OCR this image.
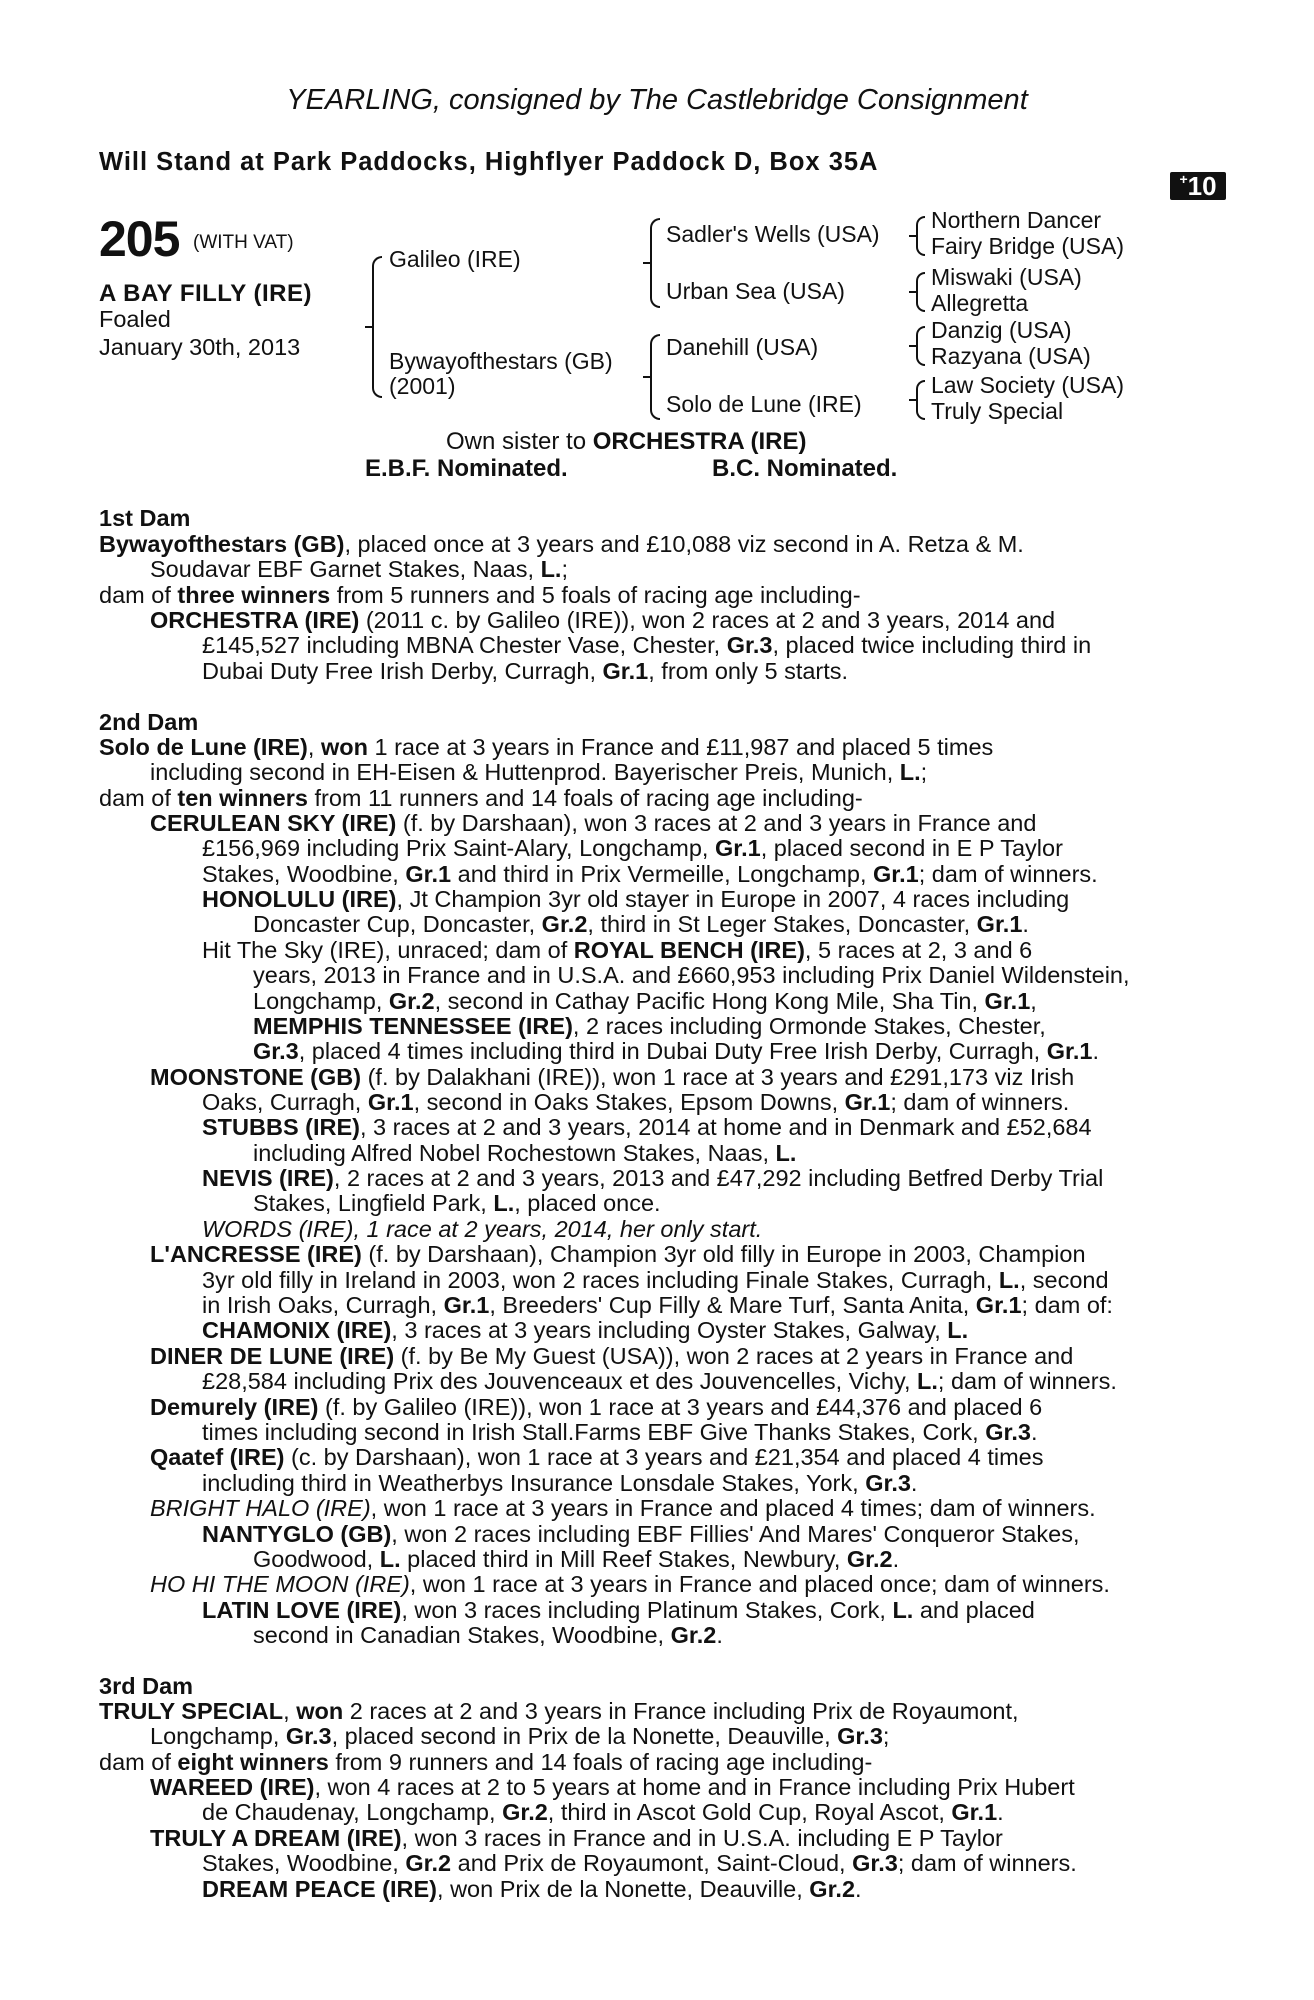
YEARLING, consigned by The Castlebridge Consignment
Will Stand at Park Paddocks, Highflyer Paddock D, Box 35A
+10
205 (WITH VAT)
A BAY FILLY (IRE)
Foaled
January 30th, 2013
Galileo (IRE)
Bywayofthestars (GB)
(2001)
Sadler's Wells (USA)
Urban Sea (USA)
Danehill (USA)
Solo de Lune (IRE)
Northern Dancer
Fairy Bridge (USA)
Miswaki (USA)
Allegretta
Danzig (USA)
Razyana (USA)
Law Society (USA)
Truly Special
Own sister to ORCHESTRA (IRE)
E.B.F. Nominated.	B.C. Nominated.
1st Dam
Bywayofthestars (GB), placed once at 3 years and £10,088 viz second in A. Retza & M.
Soudavar EBF Garnet Stakes, Naas, L.;
dam of three winners from 5 runners and 5 foals of racing age including-
ORCHESTRA (IRE) (2011 c. by Galileo (IRE)), won 2 races at 2 and 3 years, 2014 and
£145,527 including MBNA Chester Vase, Chester, Gr.3, placed twice including third in
Dubai Duty Free Irish Derby, Curragh, Gr.1, from only 5 starts.
2nd Dam
Solo de Lune (IRE), won 1 race at 3 years in France and £11,987 and placed 5 times
including second in EH-Eisen & Huttenprod. Bayerischer Preis, Munich, L.;
dam of ten winners from 11 runners and 14 foals of racing age including-
CERULEAN SKY (IRE) (f. by Darshaan), won 3 races at 2 and 3 years in France and
£156,969 including Prix Saint-Alary, Longchamp, Gr.1, placed second in E P Taylor
Stakes, Woodbine, Gr.1 and third in Prix Vermeille, Longchamp, Gr.1; dam of winners.
HONOLULU (IRE), Jt Champion 3yr old stayer in Europe in 2007, 4 races including
Doncaster Cup, Doncaster, Gr.2, third in St Leger Stakes, Doncaster, Gr.1.
Hit The Sky (IRE), unraced; dam of ROYAL BENCH (IRE), 5 races at 2, 3 and 6
years, 2013 in France and in U.S.A. and £660,953 including Prix Daniel Wildenstein,
Longchamp, Gr.2, second in Cathay Pacific Hong Kong Mile, Sha Tin, Gr.1,
MEMPHIS TENNESSEE (IRE), 2 races including Ormonde Stakes, Chester,
Gr.3, placed 4 times including third in Dubai Duty Free Irish Derby, Curragh, Gr.1.
MOONSTONE (GB) (f. by Dalakhani (IRE)), won 1 race at 3 years and £291,173 viz Irish
Oaks, Curragh, Gr.1, second in Oaks Stakes, Epsom Downs, Gr.1; dam of winners.
STUBBS (IRE), 3 races at 2 and 3 years, 2014 at home and in Denmark and £52,684
including Alfred Nobel Rochestown Stakes, Naas, L.
NEVIS (IRE), 2 races at 2 and 3 years, 2013 and £47,292 including Betfred Derby Trial
Stakes, Lingfield Park, L., placed once.
WORDS (IRE), 1 race at 2 years, 2014, her only start.
L'ANCRESSE (IRE) (f. by Darshaan), Champion 3yr old filly in Europe in 2003, Champion
3yr old filly in Ireland in 2003, won 2 races including Finale Stakes, Curragh, L., second
in Irish Oaks, Curragh, Gr.1, Breeders' Cup Filly & Mare Turf, Santa Anita, Gr.1; dam of:
CHAMONIX (IRE), 3 races at 3 years including Oyster Stakes, Galway, L.
DINER DE LUNE (IRE) (f. by Be My Guest (USA)), won 2 races at 2 years in France and
£28,584 including Prix des Jouvenceaux et des Jouvencelles, Vichy, L.; dam of winners.
Demurely (IRE) (f. by Galileo (IRE)), won 1 race at 3 years and £44,376 and placed 6
times including second in Irish Stall.Farms EBF Give Thanks Stakes, Cork, Gr.3.
Qaatef (IRE) (c. by Darshaan), won 1 race at 3 years and £21,354 and placed 4 times
including third in Weatherbys Insurance Lonsdale Stakes, York, Gr.3.
BRIGHT HALO (IRE), won 1 race at 3 years in France and placed 4 times; dam of winners.
NANTYGLO (GB), won 2 races including EBF Fillies' And Mares' Conqueror Stakes,
Goodwood, L. placed third in Mill Reef Stakes, Newbury, Gr.2.
HO HI THE MOON (IRE), won 1 race at 3 years in France and placed once; dam of winners.
LATIN LOVE (IRE), won 3 races including Platinum Stakes, Cork, L. and placed
second in Canadian Stakes, Woodbine, Gr.2.
3rd Dam
TRULY SPECIAL, won 2 races at 2 and 3 years in France including Prix de Royaumont,
Longchamp, Gr.3, placed second in Prix de la Nonette, Deauville, Gr.3;
dam of eight winners from 9 runners and 14 foals of racing age including-
WAREED (IRE), won 4 races at 2 to 5 years at home and in France including Prix Hubert
de Chaudenay, Longchamp, Gr.2, third in Ascot Gold Cup, Royal Ascot, Gr.1.
TRULY A DREAM (IRE), won 3 races in France and in U.S.A. including E P Taylor
Stakes, Woodbine, Gr.2 and Prix de Royaumont, Saint-Cloud, Gr.3; dam of winners.
DREAM PEACE (IRE), won Prix de la Nonette, Deauville, Gr.2.
